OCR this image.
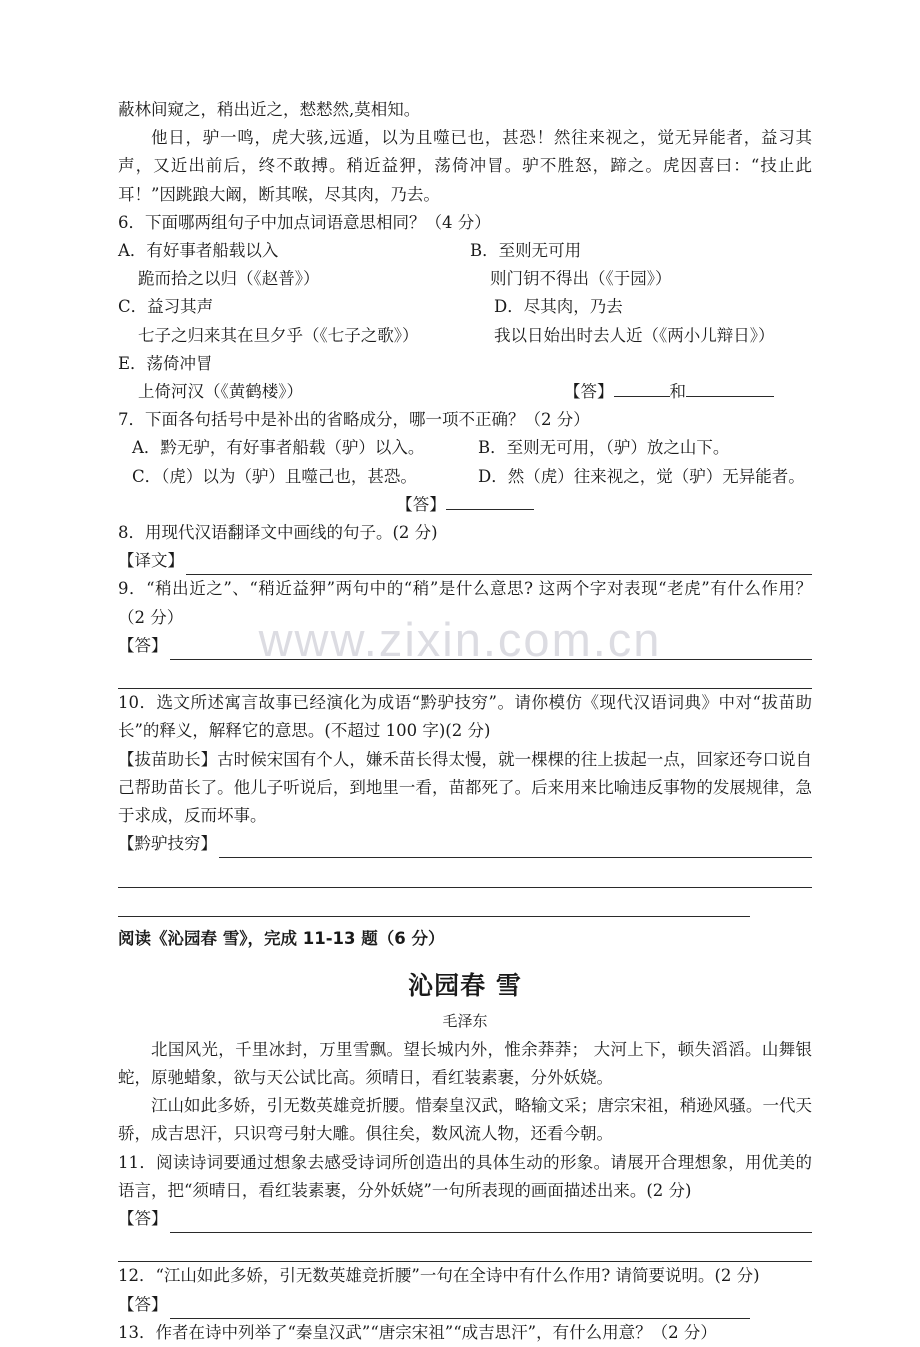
www.zixin.com.cn

蔽林间窥之，稍出近之，慭慭然,莫相知。

他日，驴一鸣，虎大骇,远遁，以为且噬已也，甚恐！然往来视之，觉无异能者，益习其声，又近出前后，终不敢搏。稍近益狎，荡倚冲冒。驴不胜怒，蹄之。虎因喜曰：“技止此耳！”因跳踉大阚，断其喉，尽其肉，乃去。

6．下面哪两组句子中加点词语意思相同？（4 分）

A．有好事者船载以入	B．至则无可用
跪而拾之以归（《赵普》）	则门钥不得出（《于园》）
C．益习其声	D．尽其肉，乃去
七子之归来其在旦夕乎（《七子之歌》）	我以日始出时去人近（《两小儿辩日》）
E．荡倚冲冒
上倚河汉（《黄鹤楼》）	【答】	和

7．下面各句括号中是补出的省略成分，哪一项不正确？（2 分）

A．黔无驴，有好事者船载（驴）以入。	B．至则无可用，（驴）放之山下。
C．（虎）以为（驴）且噬己也，甚恐。	D．然（虎）往来视之，觉（驴）无异能者。
【答】

8．用现代汉语翻译文中画线的句子。(2 分)

【译文】

9．“稍出近之”、“稍近益狎”两句中的“稍”是什么意思? 这两个字对表现“老虎”有什么作用？（2 分）

【答】

10．选文所述寓言故事已经演化为成语“黔驴技穷”。请你模仿《现代汉语词典》中对“拔苗助长”的释义，解释它的意思。(不超过 100 字)(2 分)

【拔苗助长】古时候宋国有个人，嫌禾苗长得太慢，就一棵棵的往上拔起一点，回家还夸口说自己帮助苗长了。他儿子听说后，到地里一看，苗都死了。后来用来比喻违反事物的发展规律，急于求成，反而坏事。

【黔驴技穷】
阅读《沁园春 雪》，完成 11-13 题（6 分）
沁园春 雪
毛泽东

北国风光，千里冰封，万里雪飘。望长城内外，惟余莽莽； 大河上下，顿失滔滔。山舞银蛇，原驰蜡象，欲与天公试比高。须晴日，看红装素裹，分外妖娆。

江山如此多娇，引无数英雄竞折腰。惜秦皇汉武，略输文采；唐宗宋祖，稍逊风骚。一代天骄，成吉思汗，只识弯弓射大雕。俱往矣，数风流人物，还看今朝。

11．阅读诗词要通过想象去感受诗词所创造出的具体生动的形象。请展开合理想象，用优美的语言，把“须晴日，看红装素裹，分外妖娆”一句所表现的画面描述出来。(2 分)

【答】

12．“江山如此多娇，引无数英雄竞折腰”一句在全诗中有什么作用? 请简要说明。(2 分)

【答】

13．作者在诗中列举了“秦皇汉武”“唐宗宋祖”“成吉思汗”，有什么用意？（2 分）
